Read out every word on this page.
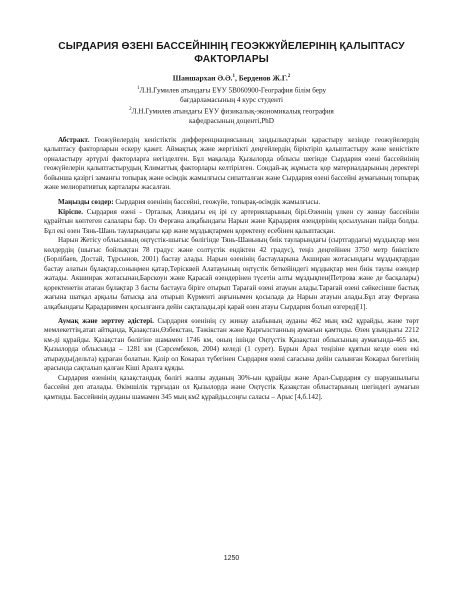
СЫРДАРИЯ ӨЗЕНІ БАССЕЙНІНІҢ ГЕОЭКЖҮЙЕЛЕРІНІҢ ҚАЛЫПТАСУ ФАКТОРЛАРЫ
Шаншархан Ә.Ә.$^1$, Берденов Ж.Г.$^2$
$^1$Л.Н.Гумилев атындағы ЕҰУ 5В060900-География білім беру
бағдарламасының 4 курс студенті
$^2$Л.Н.Гумилев атындағы ЕҰУ физикалық-экономикалық география
кафедрасының доценті,PhD

Абстракт. Геожүйелердің кеністіктік дифференциациясының заңдылықтарын қарастыру кезінде геожүйелердің қалыптасу факторларын ескеру қажет. Аймақтық және жергілікті деңгейлердің біріктіріп қалыптастыру және кеністікте орналастыру әртүрлі факторларға негізделген. Бұл мақалада Қызылорда облысы шегінде Сырдария өзені бассейнінің геожүйелерін қалыптастырудың Климаттық факторлары келтірілген. Сондай-ақ жұмыста қор материалдарының деректері бойынша қазіргі заманғы топырақ және өсімдік жамылғысы сипатталған және Сырдария өзені бассейні аумағының топырақ және мелиоративтық карталары жасалған.

Маңызды сөздер: Сырдария өзенінің бассейні, геожүйе, топырақ-өсімдік жамылғысы.

Кіріспе. Сырдария өзені - Орталық Азиядағы ең ірі су артерияларының бірі.Өзеннің үлкен су жинау бассейнін құрайтын көптеген салалары бар. Оз Ферғана алқабындағы Нарын және Қарадария өзендерінің қосылуынан пайда болды. Бұл екі өзен Тянь-Шань тауларындағы қар және мұздықтармен қоректену есебінен қалыптасқан.

Нарын Жетісу облысының оңтүстік-шығыс бөлігінде Тянь-Шаньның биік тауларындағы (сыртгардағы) мұздықтар мен көлдердің (шығыс бойлықтан 78 градус және солтүстік ендіктен 42 градус), теңіз деңгейінен 3750 метр биіктікте (Борлібаев, Достай, Тұрсынов, 2001) бастау алады. Нарын өзенінің бастауларына Акширан жотасындағы мұздықтардан бастау алатын бұлақтар,соныңмен қатар,Терісквей Алатауының оңтүстік беткейіндегі мұздықтар мен биік таулы өзендер жатады. Акшиирак жотасынан,Барскоун және Қарасай өзендерінен түсетін алты мұздықпен(Петрова және де басқалары) қоректенетін атаған бұлақтар 3 басты бастауға біріге отырып Тарағай өзені атауын алады.Тарағай өзені сәйкесінше бастық жағына шатқал арқылы батысқа ала отырып Күрменті аңғынымен қосылада да Нарын атауын алады.Бұл атау Ферғана алқабындағы Қарадариямен қосылғанға дейін сақталады,әрі қарай өзен атауы Сырдария болып өзгереді[1].

Аумақ және зерттеу әдістері. Сырдария өзенінің су жинау алабының ауданы 462 мың км2 құрайды, және төрт мемлекеттің,атап айтқанда, Қазақстан,Өзбекстан, Тәжікстан және Қырғызстанның аумағын қамтиды. Өзен ұзындығы 2212 км-ді құрайды. Қазақстан бөлігіне шамамен 1746 км, оның ішінде Оңтүстік Қазақстан облысының аумағында-465 км, Қызылорда облысында – 1281 км (Сәрсембеков, 2004) келеді (1 сурет). Бұрын Арал теңізіне құятын кезде өзен екі атырауды(дельта) құраған болатын. Қазір ол Кокарал түбегінен Сырдария өзені сағасына дейін салынған Кокарал бөгетінің арасында сақталып қалған Кіші Аралға құяды.

Сырдария өзенінің қазақстандық бөлігі жалпы ауданың 30%-ын құрайды және Арал-Сырдария су шаруашылығы бассейні деп аталады. Өкімшілік тұрғыдан ол Қызылорда және Оңтүстік Қазақстан облыстарының шегіндегі аумағын қамтиды. Бассейннің ауданы шамамен 345 мың км2 құрайды,соңғы саласы – Арыс [4,б.142].

1250
